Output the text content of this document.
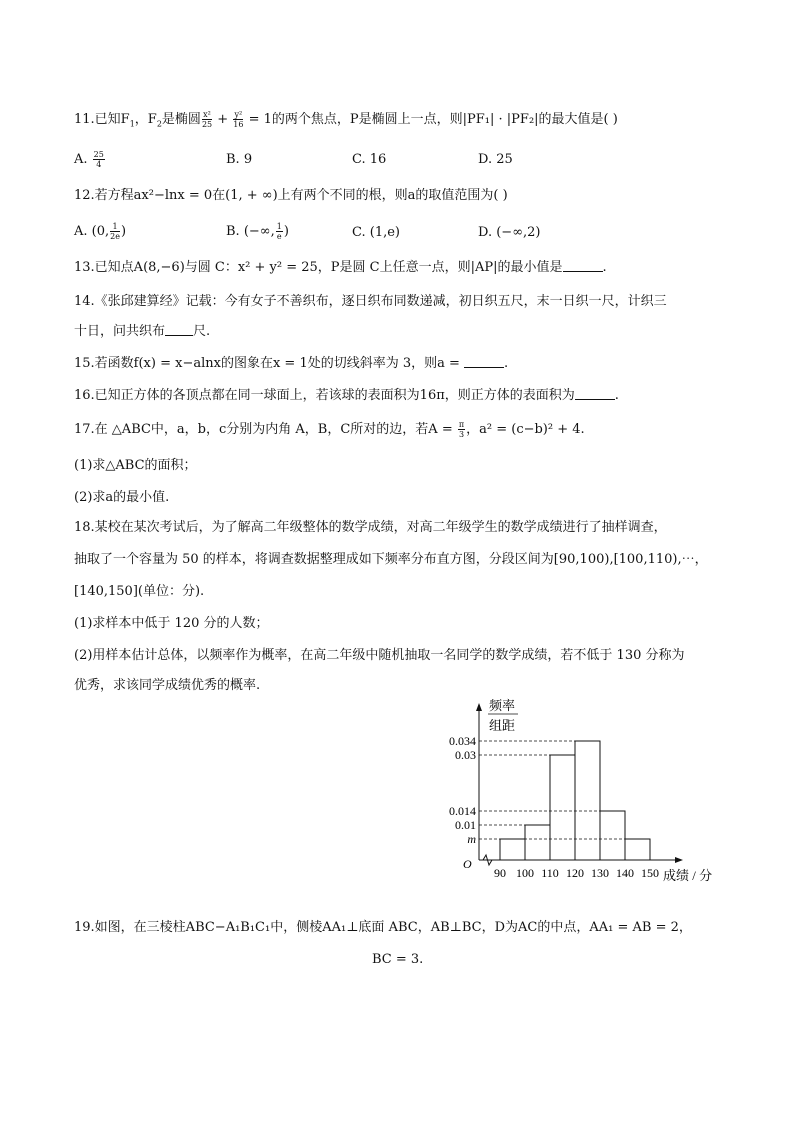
11.已知$F_1$，$F_2$是椭圆 $\frac{\text{x²}}{25} + \frac{\text{y²}}{16} = 1$的两个焦点，P是椭圆上一点，则|PF₁| · |PF₂|的最大值是( )
A. $\frac{25}{4}$	B. 9	C. 16	D. 25
12.若方程ax²−lnx = 0在(1, + ∞)上有两个不同的根，则a的取值范围为( )
A. (0, $\frac{1}{2e}$ )	B. (−∞, $\frac{1}{e}$ )	C. (1,e)	D. (−∞,2)
13.已知点A(8,−6)与圆 C：x² + y² = 25，P是圆 C上任意一点，则|AP|的最小值是	.
14.《张邱建算经》记载：今有女子不善织布，逐日织布同数递减，初日织五尺，末一日织一尺，计织三
十日，问共织布 尺.
15.若函数f(x) = x−alnx的图象在x = 1处的切线斜率为 3，则a =	.
16.已知正方体的各顶点都在同一球面上，若该球的表面积为16π，则正方体的表面积为	.
17.在 △ABC中，a，b，c分别为内角 A，B，C所对的边，若$A = \frac{\pi}{3}$ ，a² = (c−b)² + 4.
(1)求△ABC的面积；
(2)求a的最小值.
18.某校在某次考试后，为了解高二年级整体的数学成绩，对高二年级学生的数学成绩进行了抽样调查，
抽取了一个容量为 50 的样本，将调查数据整理成如下频率分布直方图，分段区间为[90,100),[100,110),⋯，
[140,150](单位：分).
(1)求样本中低于 120 分的人数；
(2)用样本估计总体，以频率作为概率，在高二年级中随机抽取一名同学的数学成绩，若不低于 130 分称为
优秀，求该同学成绩优秀的概率.
频率
组距
O
成绩 / 分
0.034
0.03
0.014
0.01
m
90 100 110 120 130 140 150
19.如图，在三棱柱ABC−A₁B₁C₁中，侧棱AA₁⊥底面 ABC，AB⊥BC，D为AC的中点，AA₁ = AB = 2，
BC = 3.
